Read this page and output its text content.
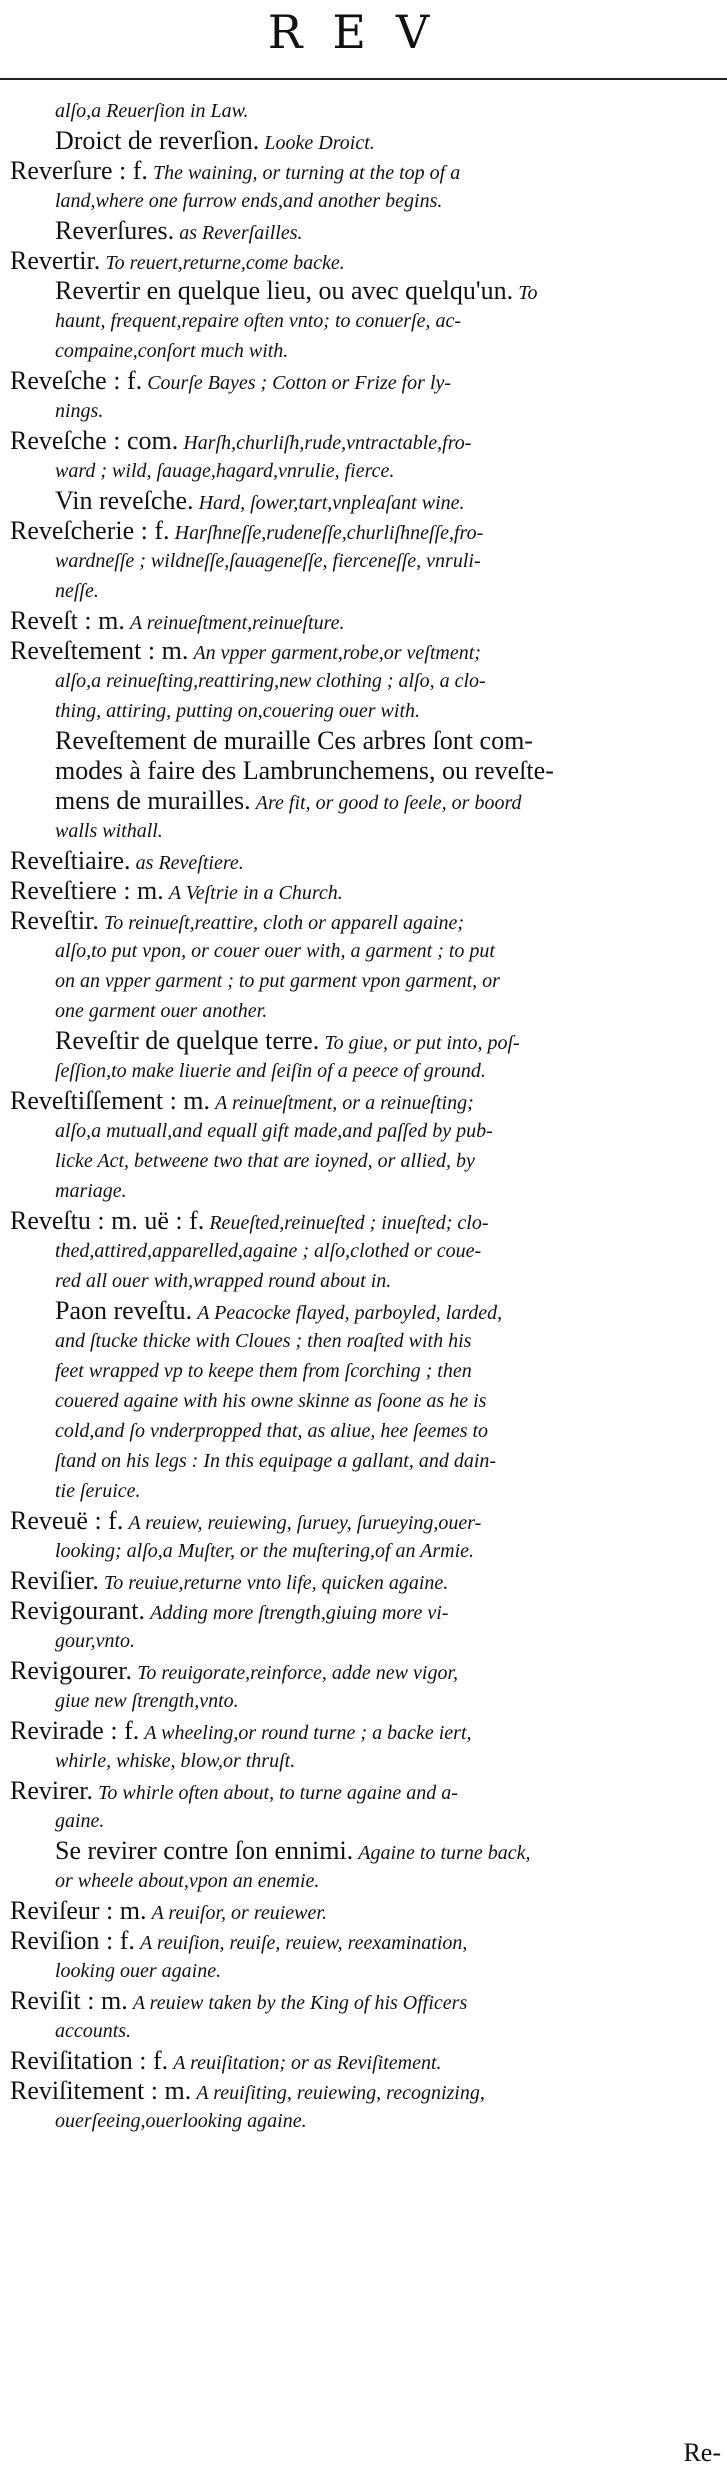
REV
alſo,a Reuerſion in Law.
Droict de reverſion. Looke Droict.
Reverſure : f. The waining, or turning at the top of a
land,where one furrow ends,and another begins.
Reverſures. as Reverſailles.
Revertir. To reuert,returne,come backe.
Revertir en quelque lieu, ou avec quelqu'un. To
haunt, frequent,repaire often vnto; to conuerſe, ac-
compaine,conſort much with.
Reveſche : f. Courſe Bayes ; Cotton or Frize for ly-
nings.
Reveſche : com. Harſh,churliſh,rude,vntractable,fro-
ward ; wild, ſauage,hagard,vnrulie, fierce.
Vin reveſche. Hard, ſower,tart,vnpleaſant wine.
Reveſcherie : f. Harſhneſſe,rudeneſſe,churliſhneſſe,fro-
wardneſſe ; wildneſſe,ſauageneſſe, fierceneſſe, vnruli-
neſſe.
Reveſt : m. A reinueſtment,reinueſture.
Reveſtement : m. An vpper garment,robe,or veſtment;
alſo,a reinueſting,reattiring,new clothing ; alſo, a clo-
thing, attiring, putting on,couering ouer with.
Reveſtement de muraille Ces arbres ſont com-
modes à faire des Lambrunchemens, ou reveſte-
mens de murailles. Are fit, or good to ſeele, or boord
walls withall.
Reveſtiaire. as Reveſtiere.
Reveſtiere : m. A Veſtrie in a Church.
Reveſtir. To reinueſt,reattire, cloth or apparell againe;
alſo,to put vpon, or couer ouer with, a garment ; to put
on an vpper garment ; to put garment vpon garment, or
one garment ouer another.
Reveſtir de quelque terre. To giue, or put into, poſ-
ſeſſion,to make liuerie and ſeiſin of a peece of ground.
Reveſtiſſement : m. A reinueſtment, or a reinueſting;
alſo,a mutuall,and equall gift made,and paſſed by pub-
licke Act, betweene two that are ioyned, or allied, by
mariage.
Reveſtu : m. uë : f. Reueſted,reinueſted ; inueſted; clo-
thed,attired,apparelled,againe ; alſo,clothed or coue-
red all ouer with,wrapped round about in.
Paon reveſtu. A Peacocke flayed, parboyled, larded,
and ſtucke thicke with Cloues ; then roaſted with his
feet wrapped vp to keepe them from ſcorching ; then
couered againe with his owne skinne as ſoone as he is
cold,and ſo vnderpropped that, as aliue, hee ſeemes to
ſtand on his legs : In this equipage a gallant, and dain-
tie ſeruice.
Reveuë : f. A reuiew, reuiewing, ſuruey, ſurueying,ouer-
looking; alſo,a Muſter, or the muſtering,of an Armie.
Reviſier. To reuiue,returne vnto life, quicken againe.
Revigourant. Adding more ſtrength,giuing more vi-
gour,vnto.
Revigourer. To reuigorate,reinforce, adde new vigor,
giue new ſtrength,vnto.
Revirade : f. A wheeling,or round turne ; a backe iert,
whirle, whiske, blow,or thruſt.
Revirer. To whirle often about, to turne againe and a-
gaine.
Se revirer contre ſon ennimi. Againe to turne back,
or wheele about,vpon an enemie.
Reviſeur : m. A reuiſor, or reuiewer.
Reviſion : f. A reuiſion, reuiſe, reuiew, reexamination,
looking ouer againe.
Reviſit : m. A reuiew taken by the King of his Officers
accounts.
Reviſitation : f. A reuiſitation; or as Reviſitement.
Reviſitement : m. A reuiſiting, reuiewing, recognizing,
ouerſeeing,ouerlooking againe.
Re-
